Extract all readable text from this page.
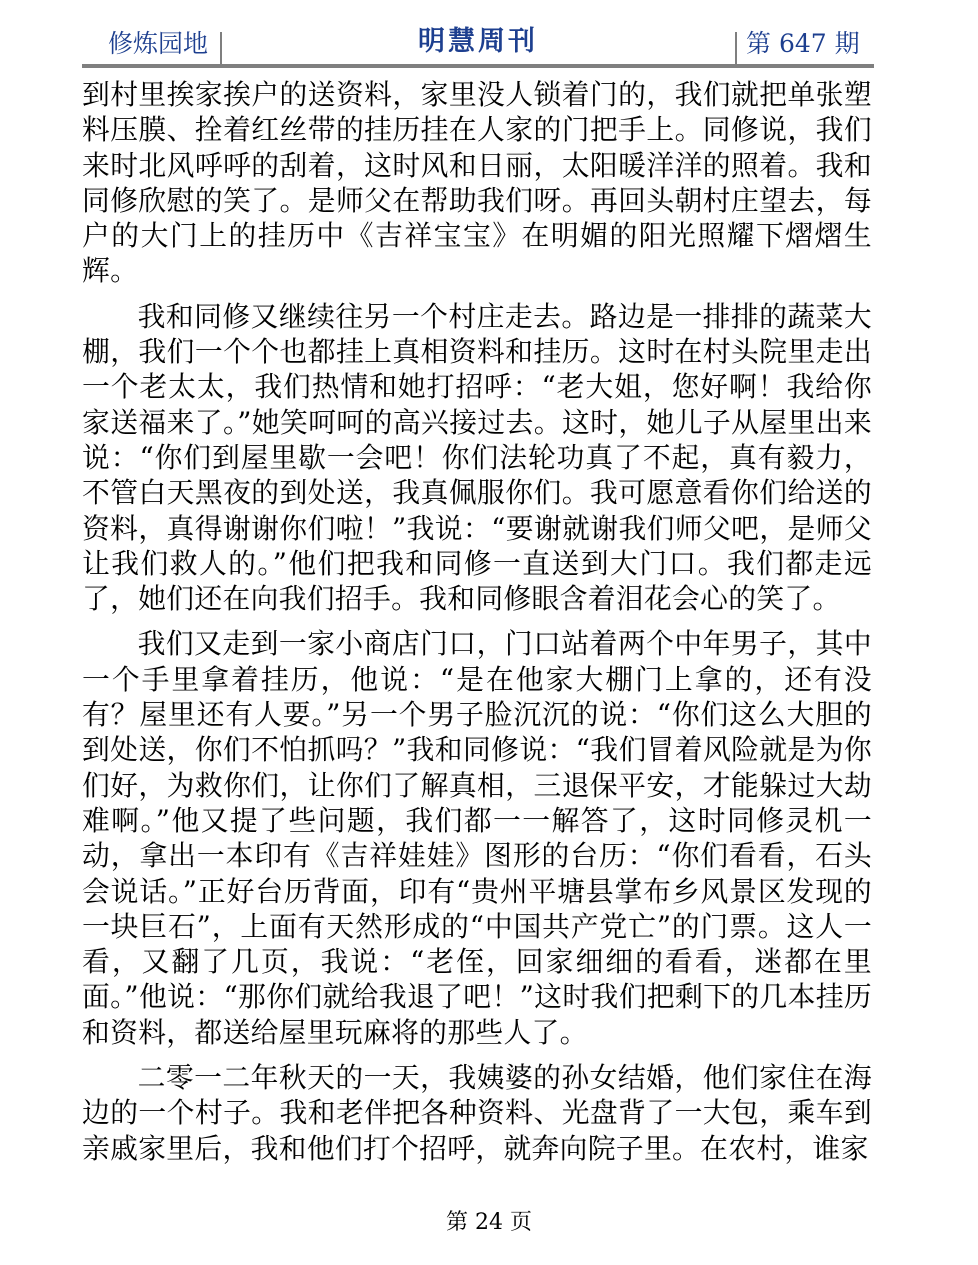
修炼园地	明慧周刊	第 647 期

到村里挨家挨户的送资料，家里没人锁着门的，我们就把单张塑料压膜、拴着红丝带的挂历挂在人家的门把手上。同修说，我们来时北风呼呼的刮着，这时风和日丽，太阳暖洋洋的照着。我和同修欣慰的笑了。是师父在帮助我们呀。再回头朝村庄望去，每户的大门上的挂历中《吉祥宝宝》在明媚的阳光照耀下熠熠生辉。

我和同修又继续往另一个村庄走去。路边是一排排的蔬菜大棚，我们一个个也都挂上真相资料和挂历。这时在村头院里走出一个老太太，我们热情和她打招呼：“老大姐，您好啊！我给你家送福来了。”她笑呵呵的高兴接过去。这时，她儿子从屋里出来说：“你们到屋里歇一会吧！你们法轮功真了不起，真有毅力，不管白天黑夜的到处送，我真佩服你们。我可愿意看你们给送的资料，真得谢谢你们啦！”我说：“要谢就谢我们师父吧，是师父让我们救人的。”他们把我和同修一直送到大门口。我们都走远了，她们还在向我们招手。我和同修眼含着泪花会心的笑了。

我们又走到一家小商店门口，门口站着两个中年男子，其中一个手里拿着挂历，他说：“是在他家大棚门上拿的，还有没有？屋里还有人要。”另一个男子脸沉沉的说：“你们这么大胆的到处送，你们不怕抓吗？”我和同修说：“我们冒着风险就是为你们好，为救你们，让你们了解真相，三退保平安，才能躲过大劫难啊。”他又提了些问题，我们都一一解答了，这时同修灵机一动，拿出一本印有《吉祥娃娃》图形的台历：“你们看看，石头会说话。”正好台历背面，印有“贵州平塘县掌布乡风景区发现的一块巨石”，上面有天然形成的“中国共产党亡”的门票。这人一看，又翻了几页，我说：“老侄，回家细细的看看，迷都在里面。”他说：“那你们就给我退了吧！”这时我们把剩下的几本挂历和资料，都送给屋里玩麻将的那些人了。

二零一二年秋天的一天，我姨婆的孙女结婚，他们家住在海边的一个村子。我和老伴把各种资料、光盘背了一大包，乘车到亲戚家里后，我和他们打个招呼，就奔向院子里。在农村，谁家

第 24 页
